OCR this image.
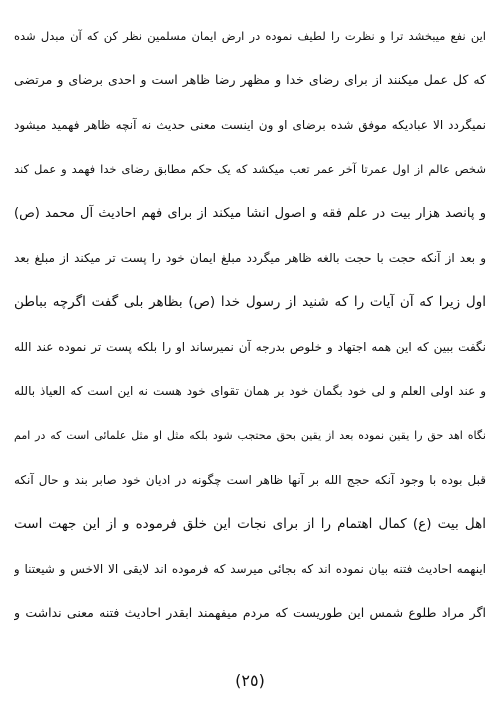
این نفع میبخشد ترا و نظرت را لطیف نموده در ارض ایمان مسلمین نظر کن که آن مبدل شده
که کل عمل میکنند از برای رضای خدا و مظهر رضا ظاهر است و احدی برضای و مرتضی
نمیگردد الا عبادیکه موفق شده برضای او ون اینست معنی حدیث نه آنچه ظاهر فهمید میشود
شخص عالم از اول عمرتا آخر عمر تعب میکشد که یک حکم مطابق رضای خدا فهمد و عمل کند
و پانصد هزار بیت در علم فقه و اصول انشا میکند از برای فهم احادیث آل محمد (ص)
و بعد از آنکه حجت با حجت بالغه ظاهر میگردد مبلغ ایمان خود را پست تر میکند از مبلغ بعد
اول زیرا که آن آیات را که شنید از رسول خدا (ص) بظاهر بلی گفت اگرچه بباطن
نگفت ببین که این همه اجتهاد و خلوص بدرجه آن نمیرساند او را بلکه پست تر نموده عند الله
و عند اولی العلم و لی خود بگمان خود بر همان تقوای خود هست نه این است که العیاذ بالله
نگاه اهد حق را یقین نموده بعد از یقین بحق محتجب شود بلکه مثل او مثل علمائی است که در امم
قبل بوده با وجود آنکه حجج الله بر آنها ظاهر است چگونه در ادیان خود صابر بند و حال آنکه
اهل بیت (ع) کمال اهتمام را از برای نجات این خلق فرموده و از این جهت است
اینهمه احادیث فتنه بیان نموده اند که بجائی میرسد که فرموده اند لایقی الا الاخس و شیعتنا و
اگر مراد طلوع شمس این طوریست که مردم میفهمند ابقدر احادیث فتنه معنی نداشت و
(٢٥)
